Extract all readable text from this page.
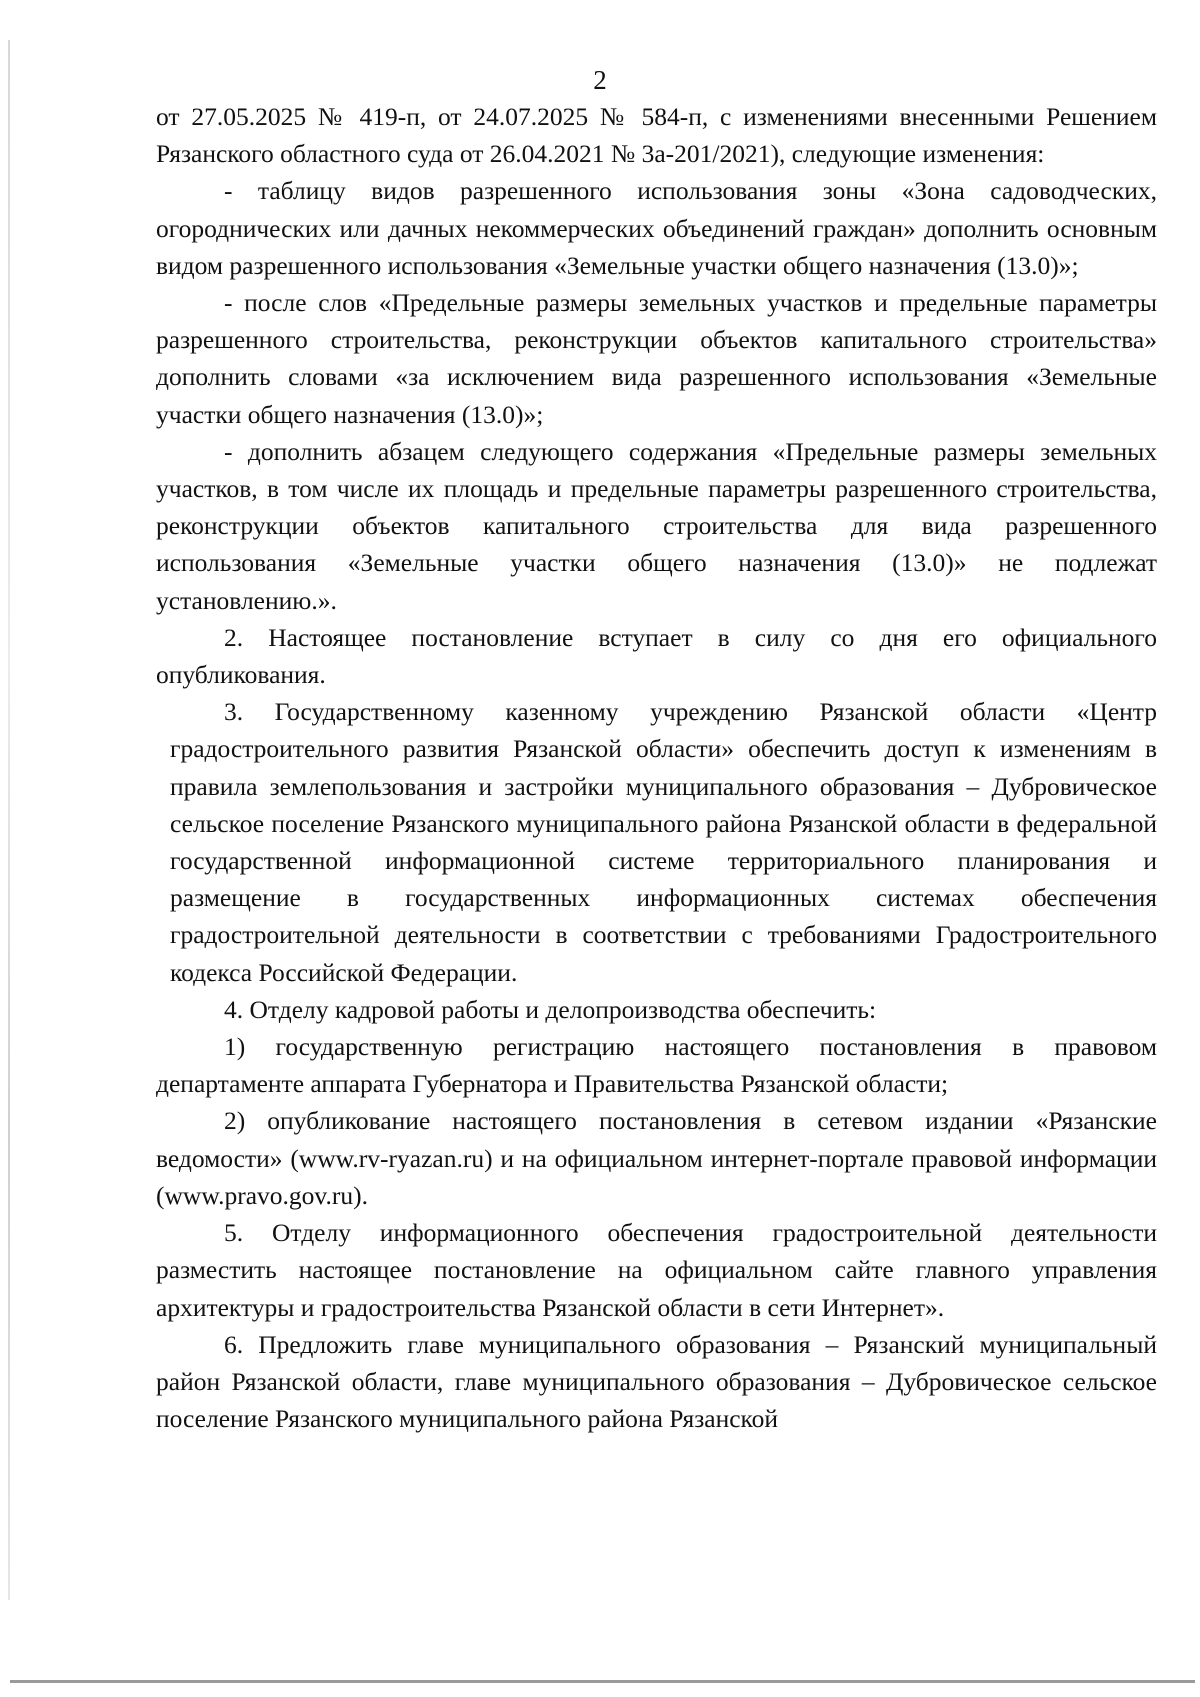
2

от 27.05.2025 № 419-п, от 24.07.2025 № 584-п, с изменениями внесенными Решением Рязанского областного суда от 26.04.2021 № 3а-201/2021), следующие изменения:

- таблицу видов разрешенного использования зоны «Зона садоводческих, огороднических или дачных некоммерческих объединений граждан» дополнить основным видом разрешенного использования «Земельные участки общего назначения (13.0)»;

- после слов «Предельные размеры земельных участков и предельные параметры разрешенного строительства, реконструкции объектов капитального строительства» дополнить словами «за исключением вида разрешенного использования «Земельные участки общего назначения (13.0)»;

- дополнить абзацем следующего содержания «Предельные размеры земельных участков, в том числе их площадь и предельные параметры разрешенного строительства, реконструкции объектов капитального строительства для вида разрешенного использования «Земельные участки общего назначения (13.0)» не подлежат установлению.».

2. Настоящее постановление вступает в силу со дня его официального опубликования.

3. Государственному казенному учреждению Рязанской области «Центр градостроительного развития Рязанской области» обеспечить доступ к изменениям в правила землепользования и застройки муниципального образования – Дубровическое сельское поселение Рязанского муниципального района Рязанской области в федеральной государственной информационной системе территориального планирования и размещение в государственных информационных системах обеспечения градостроительной деятельности в соответствии с требованиями Градостроительного кодекса Российской Федерации.

4. Отделу кадровой работы и делопроизводства обеспечить:

1) государственную регистрацию настоящего постановления в правовом департаменте аппарата Губернатора и Правительства Рязанской области;

2) опубликование настоящего постановления в сетевом издании «Рязанские ведомости» (www.rv-ryazan.ru) и на официальном интернет-портале правовой информации (www.pravo.gov.ru).

5. Отделу информационного обеспечения градостроительной деятельности разместить настоящее постановление на официальном сайте главного управления архитектуры и градостроительства Рязанской области в сети Интернет».

6. Предложить главе муниципального образования – Рязанский муниципальный район Рязанской области, главе муниципального образования – Дубровическое сельское поселение Рязанского муниципального района Рязанской
